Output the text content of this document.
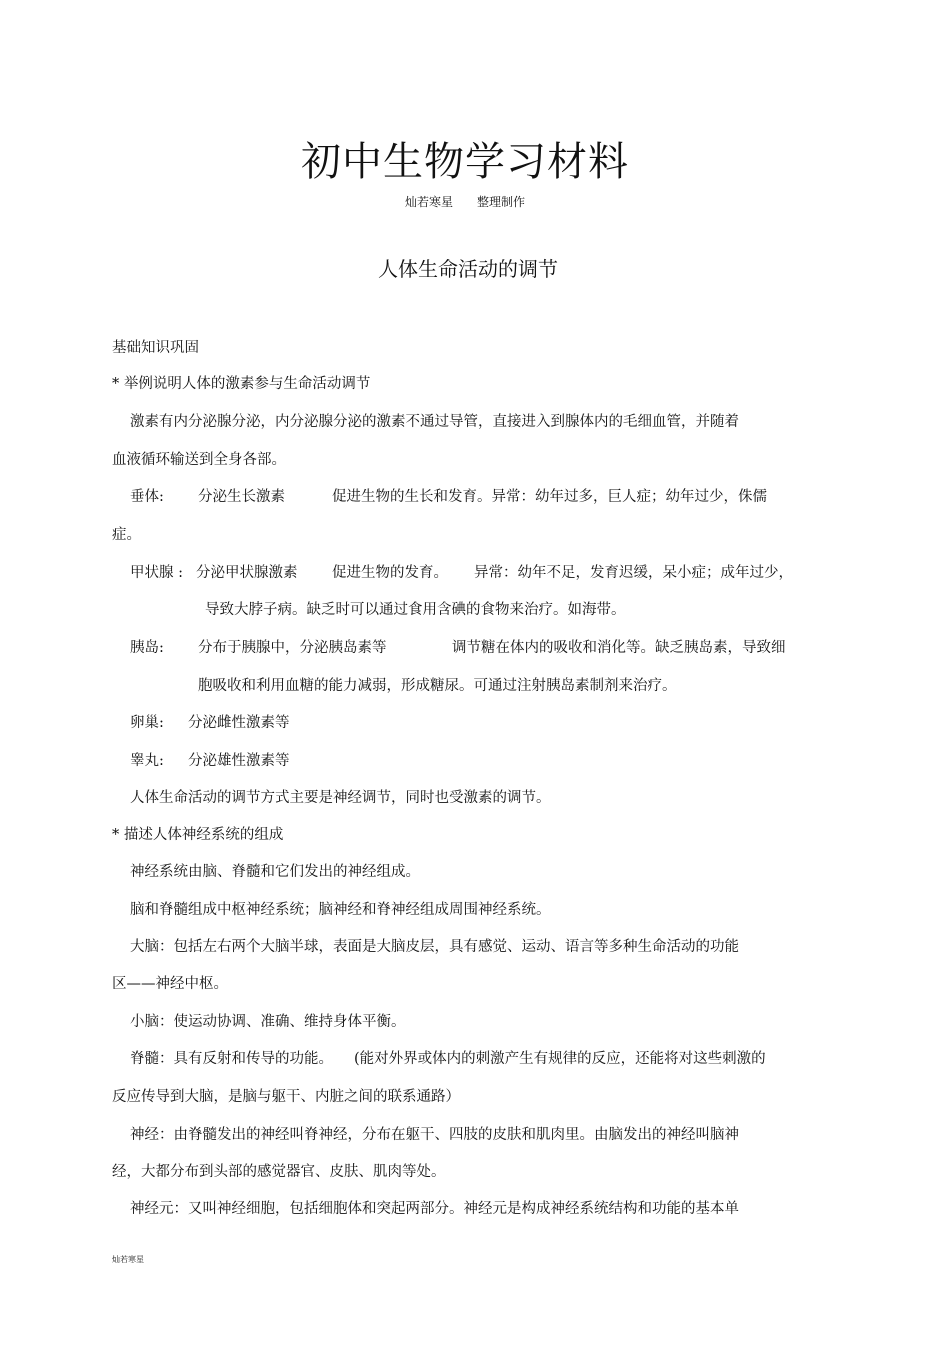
初中生物学习材料
灿若寒星 整理制作
人体生命活动的调节
基础知识巩固
* 举例说明人体的激素参与生命活动调节
激素有内分泌腺分泌，内分泌腺分泌的激素不通过导管，直接进入到腺体内的毛细血管，并随着
血液循环输送到全身各部。
垂体: 分泌生长激素	促进生物的生长和发育。异常：幼年过多，巨人症；幼年过少，侏儒
症。
甲状腺 : 分泌甲状腺激素 促进生物的发育。 异常：幼年不足，发育迟缓，呆小症；成年过少，
导致大脖子病。缺乏时可以通过食用含碘的食物来治疗。如海带。
胰岛: 分布于胰腺中，分泌胰岛素等	调节糖在体内的吸收和消化等。缺乏胰岛素，导致细
胞吸收和利用血糖的能力减弱，形成糖尿。可通过注射胰岛素制剂来治疗。
卵巢: 分泌雌性激素等
睾丸: 分泌雄性激素等
人体生命活动的调节方式主要是神经调节，同时也受激素的调节。
* 描述人体神经系统的组成
神经系统由脑、脊髓和它们发出的神经组成。
脑和脊髓组成中枢神经系统；脑神经和脊神经组成周围神经系统。
大脑：包括左右两个大脑半球，表面是大脑皮层，具有感觉、运动、语言等多种生命活动的功能
区——神经中枢。
小脑：使运动协调、准确、维持身体平衡。
脊髓：具有反射和传导的功能。 (能对外界或体内的刺激产生有规律的反应，还能将对这些刺激的
反应传导到大脑，是脑与躯干、内脏之间的联系通路）
神经：由脊髓发出的神经叫脊神经，分布在躯干、四肢的皮肤和肌肉里。由脑发出的神经叫脑神
经，大都分布到头部的感觉器官、皮肤、肌肉等处。
神经元：又叫神经细胞，包括细胞体和突起两部分。神经元是构成神经系统结构和功能的基本单
灿若寒星
